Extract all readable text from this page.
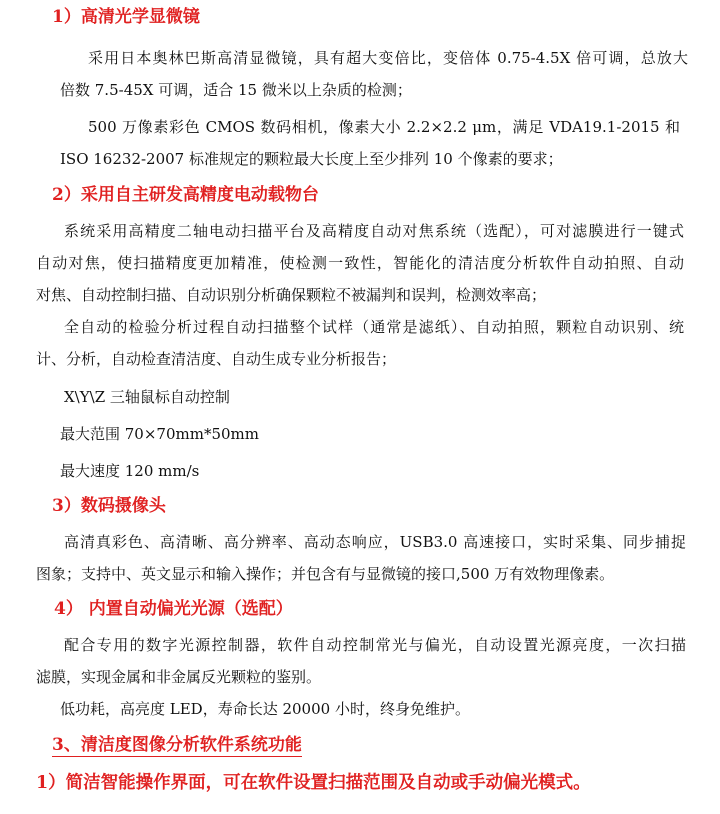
1）高清光学显微镜
采用日本奥林巴斯高清显微镜，具有超大变倍比，变倍体 0.75-4.5X 倍可调，总放大
倍数 7.5-45X 可调，适合 15 微米以上杂质的检测；
500 万像素彩色 CMOS 数码相机，像素大小 2.2×2.2 μm，满足 VDA19.1-2015 和
ISO 16232-2007 标准规定的颗粒最大长度上至少排列 10 个像素的要求；
2）采用自主研发高精度电动载物台
系统采用高精度二轴电动扫描平台及高精度自动对焦系统（选配），可对滤膜进行一键式
自动对焦，使扫描精度更加精准，使检测一致性，智能化的清洁度分析软件自动拍照、自动
对焦、自动控制扫描、自动识别分析确保颗粒不被漏判和误判，检测效率高；
全自动的检验分析过程自动扫描整个试样（通常是滤纸）、自动拍照，颗粒自动识别、统
计、分析，自动检查清洁度、自动生成专业分析报告；
X\Y\Z 三轴鼠标自动控制
最大范围 70×70mm*50mm
最大速度 120 mm/s
3）数码摄像头
高清真彩色、高清晰、高分辨率、高动态响应，USB3.0 高速接口，实时采集、同步捕捉
图象；支持中、英文显示和输入操作；并包含有与显微镜的接口,500 万有效物理像素。
4） 内置自动偏光光源（选配）
配合专用的数字光源控制器，软件自动控制常光与偏光，自动设置光源亮度，一次扫描
滤膜，实现金属和非金属反光颗粒的鉴别。
低功耗，高亮度 LED，寿命长达 20000 小时，终身免维护。
3、清洁度图像分析软件系统功能
1）简洁智能操作界面，可在软件设置扫描范围及自动或手动偏光模式。
